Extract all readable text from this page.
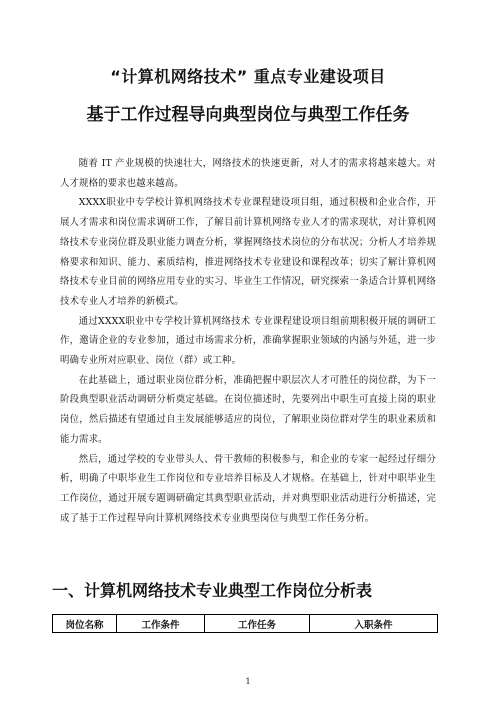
“计算机网络技术” 重点专业建设项目
基于工作过程导向典型岗位与典型工作任务

随着 IT 产业规模的快速壮大，网络技术的快速更新，对人才的需求将越来越大。对人才规格的要求也越来越高。

XXXX职业中专学校计算机网络技术专业课程建设项目组，通过积极和企业合作，开展人才需求和岗位需求调研工作，了解目前计算机网络专业人才的需求现状，对计算机网络技术专业岗位群及职业能力调查分析，掌握网络技术岗位的分布状况；分析人才培养规格要求和知识、能力、素质结构，推进网络技术专业建设和课程改革；切实了解计算机网络技术专业目前的网络应用专业的实习、毕业生工作情况，研究探索一条适合计算机网络技术专业人才培养的新模式。

通过XXXX职业中专学校计算机网络技术 专业课程建设项目组前期积极开展的调研工作，邀请企业的专业参加，通过市场需求分析，准确掌握职业领域的内涵与外延，进一步明确专业所对应职业、岗位（群）或工种。

在此基础上，通过职业岗位群分析，准确把握中职层次人才可胜任的岗位群，为下一阶段典型职业活动调研分析奠定基础。在岗位描述时，先要列出中职生可直接上岗的职业岗位，然后描述有望通过自主发展能够适应的岗位，了解职业岗位群对学生的职业素质和能力需求。

然后，通过学校的专业带头人、骨干教师的积极参与，和企业的专家一起经过仔细分析，明确了中职毕业生工作岗位和专业培养目标及人才规格。在基础上，针对中职毕业生工作岗位，通过开展专题调研确定其典型职业活动，并对典型职业活动进行分析描述，完成了基于工作过程导向计算机网络技术专业典型岗位与典型工作任务分析。

一、计算机网络技术专业典型工作岗位分析表
岗位名称	工作条件	工作任务	入职条件
1
